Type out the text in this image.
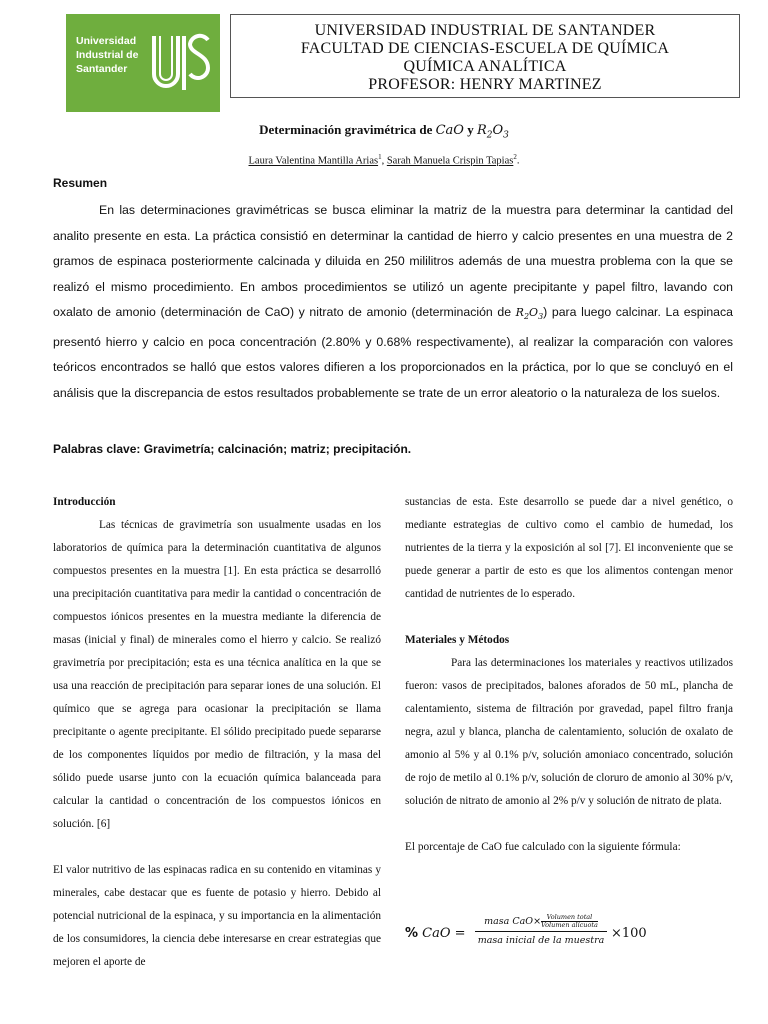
Universidad
Industrial de
Santander
UNIVERSIDAD INDUSTRIAL DE SANTANDER
FACULTAD DE CIENCIAS-ESCUELA DE QUÍMICA
QUÍMICA ANALÍTICA
PROFESOR: HENRY MARTINEZ
Determinación gravimétrica de CaO y $R_2O_3$
Laura Valentina Mantilla Arias$^1$, Sarah Manuela Crispin Tapias$^2$.
Resumen

En las determinaciones gravimétricas se busca eliminar la matriz de la muestra para determinar la cantidad del analito presente en esta. La práctica consistió en determinar la cantidad de hierro y calcio presentes en una muestra de 2 gramos de espinaca posteriormente calcinada y diluida en 250 mililitros además de una muestra problema con la que se realizó el mismo procedimiento. En ambos procedimientos se utilizó un agente precipitante y papel filtro, lavando con oxalato de amonio (determinación de CaO) y nitrato de amonio (determinación de $R_2O_3$) para luego calcinar. La espinaca presentó hierro y calcio en poca concentración (2.80% y 0.68% respectivamente), al realizar la comparación con valores teóricos encontrados se halló que estos valores difieren a los proporcionados en la práctica, por lo que se concluyó en el análisis que la discrepancia de estos resultados probablemente se trate de un error aleatorio o la naturaleza de los suelos.

Palabras clave: Gravimetría; calcinación; matriz; precipitación.

Introducción

Las técnicas de gravimetría son usualmente usadas en los laboratorios de química para la determinación cuantitativa de algunos compuestos presentes en la muestra [1]. En esta práctica se desarrolló una precipitación cuantitativa para medir la cantidad o concentración de compuestos iónicos presentes en la muestra mediante la diferencia de masas (inicial y final) de minerales como el hierro y calcio. Se realizó gravimetría por precipitación; esta es una técnica analítica en la que se usa una reacción de precipitación para separar iones de una solución. El químico que se agrega para ocasionar la precipitación se llama precipitante o agente precipitante. El sólido precipitado puede separarse de los componentes líquidos por medio de filtración, y la masa del sólido puede usarse junto con la ecuación química balanceada para calcular la cantidad o concentración de los compuestos iónicos en solución. [6]

El valor nutritivo de las espinacas radica en su contenido en vitaminas y minerales, cabe destacar que es fuente de potasio y hierro. Debido al potencial nutricional de la espinaca, y su importancia en la alimentación de los consumidores, la ciencia debe interesarse en crear estrategias que mejoren el aporte de

sustancias de esta. Este desarrollo se puede dar a nivel genético, o mediante estrategias de cultivo como el cambio de humedad, los nutrientes de la tierra y la exposición al sol [7]. El inconveniente que se puede generar a partir de esto es que los alimentos contengan menor cantidad de nutrientes de lo esperado.

Materiales y Métodos

Para las determinaciones los materiales y reactivos utilizados fueron: vasos de precipitados, balones aforados de 50 mL, plancha de calentamiento, sistema de filtración por gravedad, papel filtro franja negra, azul y blanca, plancha de calentamiento, solución de oxalato de amonio al 5% y al 0.1% p/v, solución amoniaco concentrado, solución de rojo de metilo al 0.1% p/v, solución de cloruro de amonio al 30% p/v, solución de nitrato de amonio al 2% p/v y solución de nitrato de plata.

El porcentaje de CaO fue calculado con la siguiente fórmula:

% CaO =
masa CaO× Volumen total
Volumen alícuota
masa inicial de la muestra ×100
